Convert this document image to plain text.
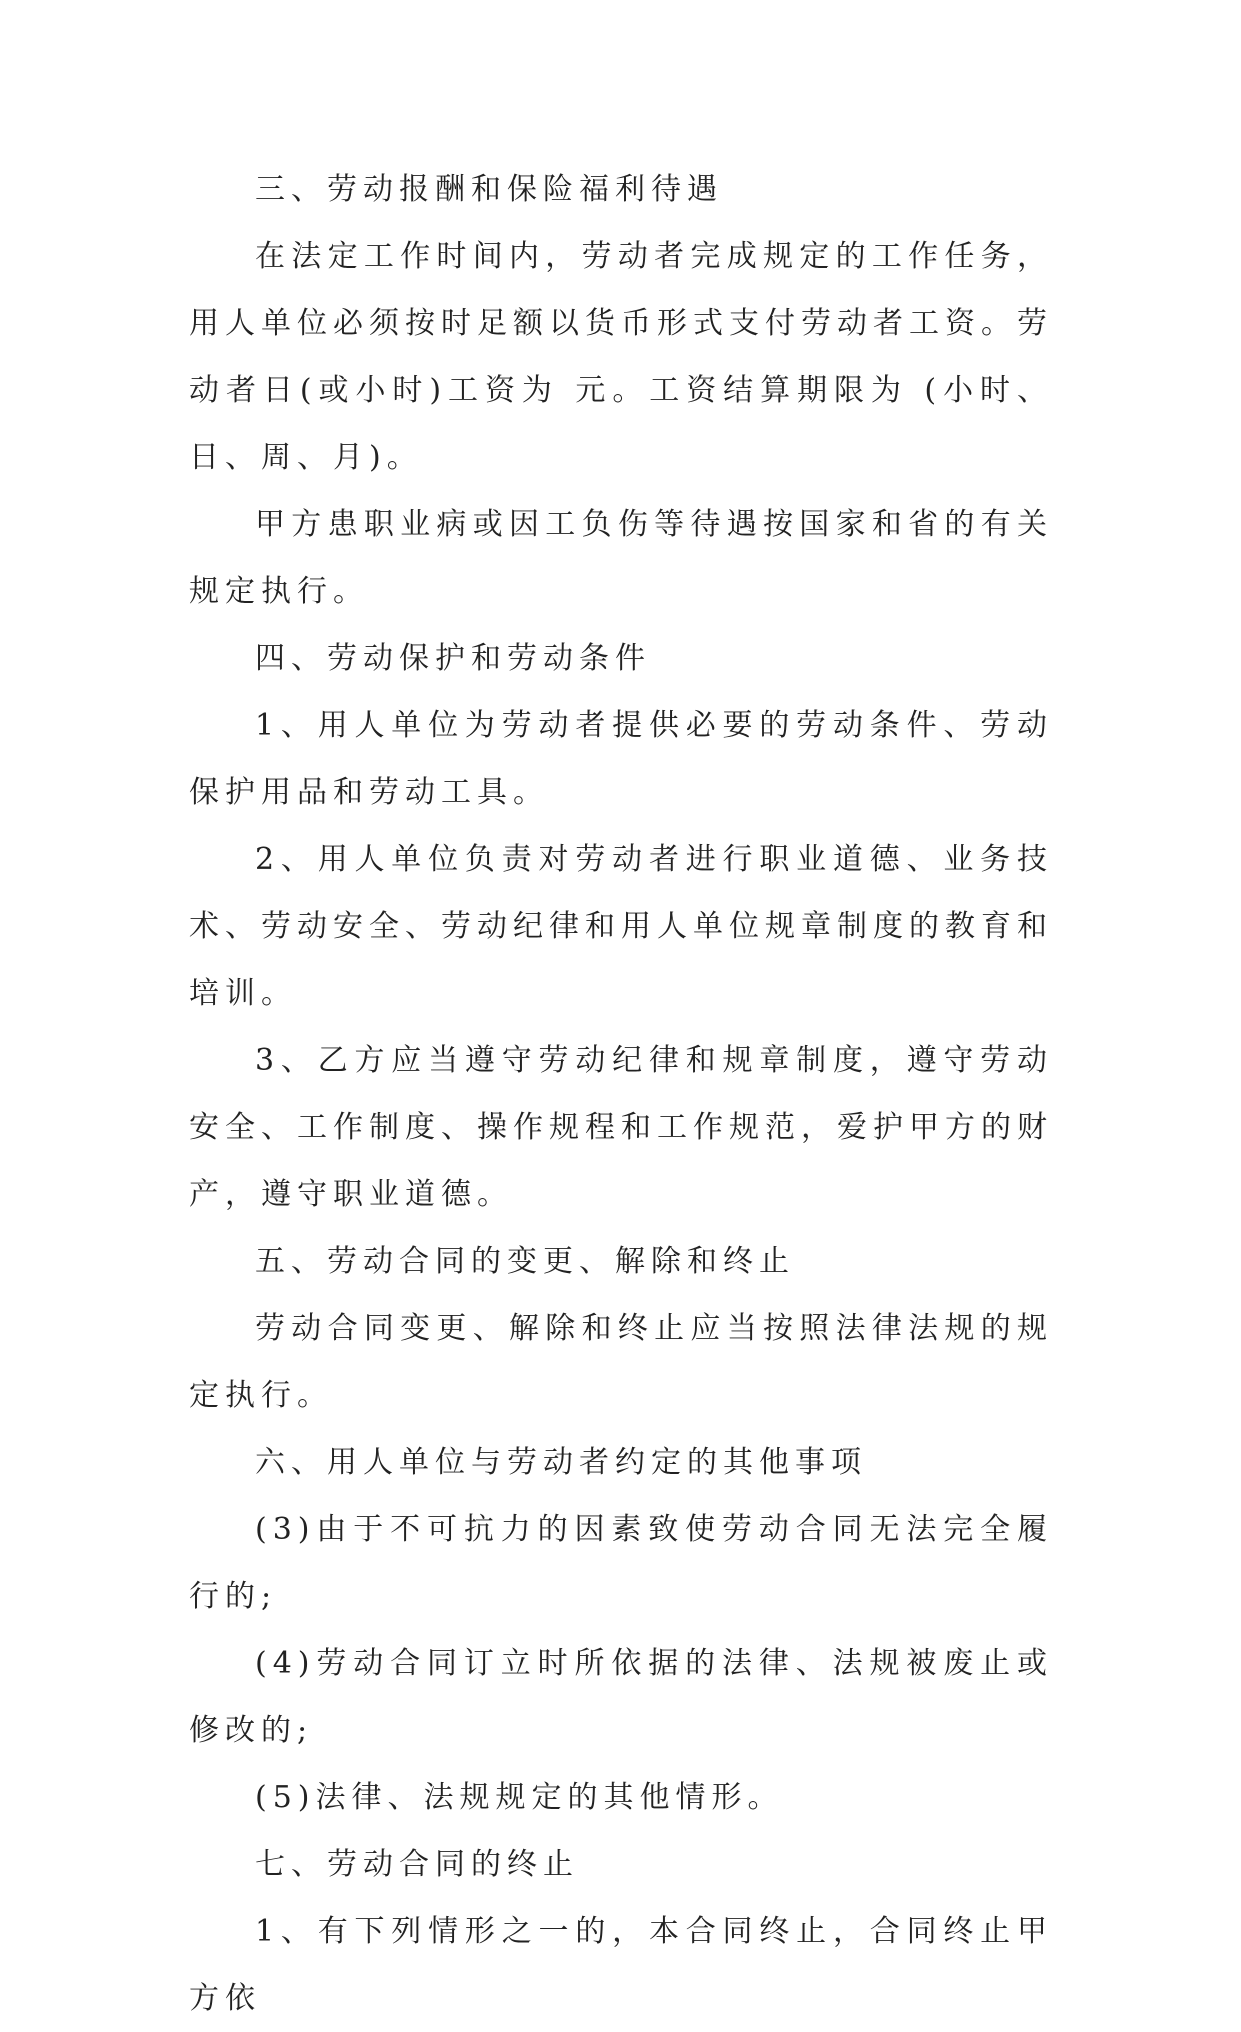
三、劳动报酬和保险福利待遇

在法定工作时间内，劳动者完成规定的工作任务，用人单位必须按时足额以货币形式支付劳动者工资。劳动者日(或小时)工资为 元。工资结算期限为 (小时、日、周、月)。

甲方患职业病或因工负伤等待遇按国家和省的有关规定执行。

四、劳动保护和劳动条件

1、用人单位为劳动者提供必要的劳动条件、劳动保护用品和劳动工具。

2、用人单位负责对劳动者进行职业道德、业务技术、劳动安全、劳动纪律和用人单位规章制度的教育和培训。

3、乙方应当遵守劳动纪律和规章制度，遵守劳动安全、工作制度、操作规程和工作规范，爱护甲方的财产，遵守职业道德。

五、劳动合同的变更、解除和终止

劳动合同变更、解除和终止应当按照法律法规的规定执行。

六、用人单位与劳动者约定的其他事项

(3)由于不可抗力的因素致使劳动合同无法完全履行的;

(4)劳动合同订立时所依据的法律、法规被废止或修改的;

(5)法律、法规规定的其他情形。

七、劳动合同的终止

1、有下列情形之一的，本合同终止，合同终止甲方依
